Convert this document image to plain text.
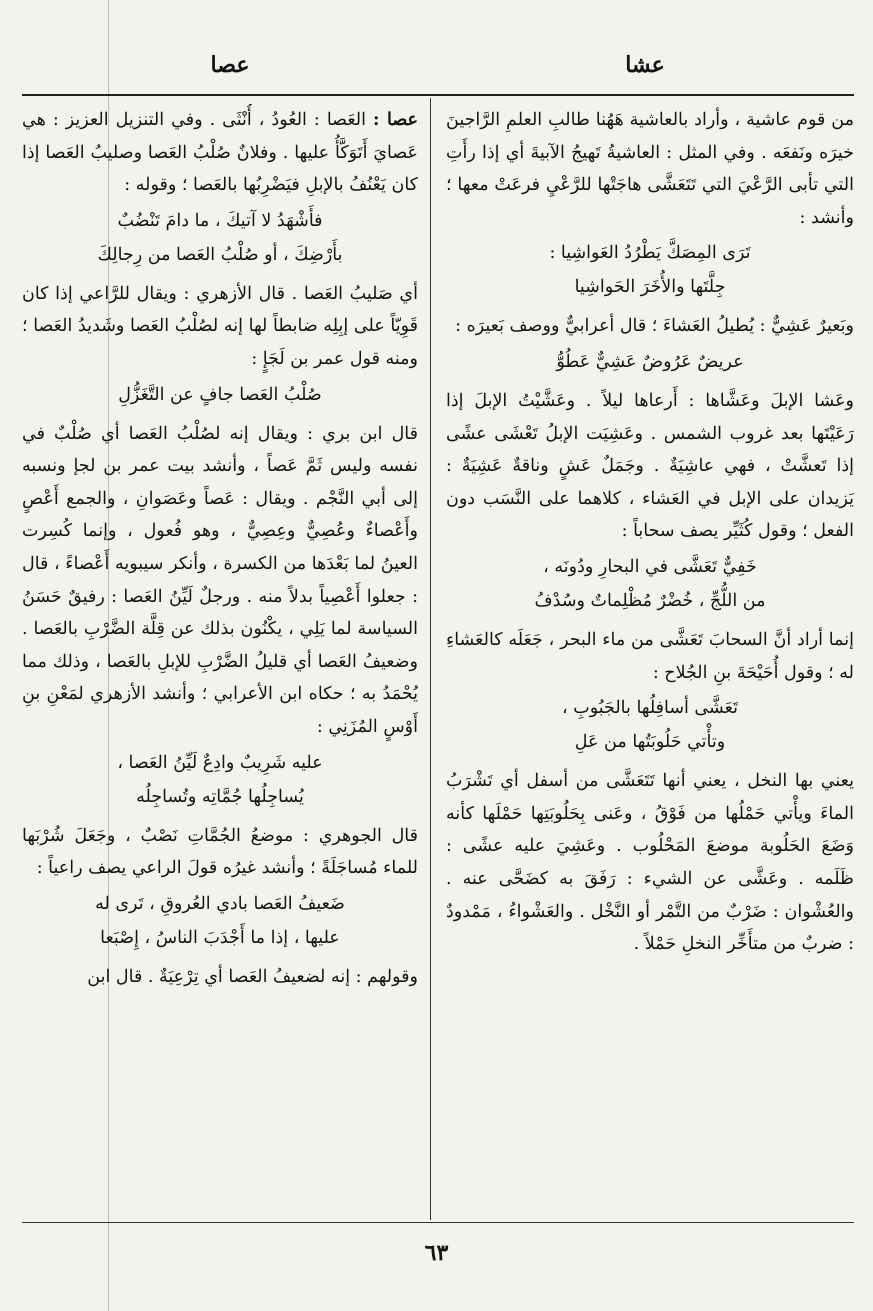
عشا
عصا

من قوم عاشية ، وأراد بالعاشية هَهُنا طالبِ العلمِ الرَّاجينَ خيرَه ونَفعَه . وفي المثل : العاشيةُ تَهيجُ الآبيةَ أي إذا رأَتِ التي تأبى الرَّعْيَ التي تَتَعَشَّى هاجَتْها للرَّعْيِ فرعَتْ معها ؛ وأنشد :

تَرَى المِصَكَّ يَطْرُدُ العَواشِيا :
جِلَّتَها والأُخَرَ الحَواشِيا

وبَعيرٌ عَشِيٌّ : يُطيلُ العَشاءَ ؛ قال أعرابيٌّ ووصف بَعيرَه :

عريضٌ عَرُوضٌ عَشِيٌّ عَطُوُّ

وعَشا الإبلَ وعَشَّاها : أَرعاها ليلاً . وعَشَّيْتُ الإبلَ إذا رَعَيْتَها بعد غروب الشمس . وعَشِيَت الإبلُ تَعْشَى عشًى إذا تَعشَّتْ ، فهي عاشِيَةٌ . وجَمَلٌ عَشٍ وناقةٌ عَشِيَةٌ : يَزيدان على الإبل في العَشاء ، كلاهما على النَّسَب دون الفعل ؛ وقول كُثَيِّر يصف سحاباً :

خَفِيٌّ تَعَشَّى في البحارِ ودُونَه ،
من اللُّجِّ ، خُضْرٌ مُظْلِماتٌ وسُدْفُ

إنما أراد أنَّ السحابَ تَعَشَّى من ماء البحر ، جَعَلَه كالعَشاءِ له ؛ وقول أُحَيْحَةَ بنِ الجُلاح :

تَعَشَّى أسافِلُها بالجَبُوبِ ،
وتأْتي حَلُوبَتُها من عَلِ

يعني بها النخل ، يعني أنها تَتَعَشَّى من أسفل أي تَشْرَبُ الماءَ ويأْتي حَمْلُها من فَوْقُ ، وعَنى بِحَلُوبَتِها حَمْلَها كأنه وَضَعَ الحَلُوبة موضعَ المَحْلُوب . وعَشِيَ عليه عشًى : ظَلَمه . وعَشَّى عن الشيء : رَفَقَ به كضَحَّى عنه . والعُشْوان : ضَرْبٌ من التَّمْر أو النَّخْل . والعَشْواءُ ، مَمْدودٌ : ضربٌ من متأَخِّر النخلِ حَمْلاً .

عصا : العَصا : العُودُ ، أُنْثَى . وفي التنزيل العزيز : هي عَصايَ أَتَوَكَّأُ عليها . وفلانٌ صُلْبُ العَصا وصليبُ العَصا إذا كان يَعْنُفُ بالإبلِ فيَضْرِبُها بالعَصا ؛ وقوله :

فأَشْهَدُ لا آتيكَ ، ما دامَ تَنْضُبٌ
بأَرْضِكَ ، أو صُلْبُ العَصا من رِجالِكَ

أي صَليبُ العَصا . قال الأزهري : ويقال للرَّاعي إذا كان قَوِيّاً على إبِلِه ضابطاً لها إنه لصُلْبُ العَصا وشَديدُ العَصا ؛ ومنه قول عمر بن لَجَإٍ :

صُلْبُ العَصا جافٍ عن التَّغَزُّلِ

قال ابن بري : ويقال إنه لصُلْبُ العَصا أي صُلْبٌ في نفسه وليس ثَمَّ عَصاً ، وأنشد بيت عمر بن لجإ ونسبه إلى أبي النَّجْم . ويقال : عَصاً وعَصَوانِ ، والجمع أَعْصٍ وأَعْصاءٌ وعُصِيٌّ وعِصِيٌّ ، وهو فُعول ، وإنما كُسِرت العينُ لما بَعْدَها من الكسرة ، وأنكر سيبويه أَعْصاءً ، قال : جعلوا أَعْصِياً بدلاً منه . ورجلٌ لَيِّنُ العَصا : رفيقٌ حَسَنُ السياسة لما يَلِي ، يكْنُون بذلك عن قِلَّة الضَّرْبِ بالعَصا . وضعيفُ العَصا أي قليلُ الضَّرْبِ للإبلِ بالعَصا ، وذلك مما يُحْمَدُ به ؛ حكاه ابن الأعرابي ؛ وأنشد الأزهري لمَعْنِ بنِ أَوْسٍ المُزَنِي :

عليه شَرِيبٌ وادِعٌ لَيِّنُ العَصا ،
يُساجِلُها جُمَّاتِه وتُساجِلُه

قال الجوهري : موضعُ الجُمَّاتِ نَصْبٌ ، وجَعَلَ شُرْبَها للماء مُساجَلَةً ؛ وأنشد غيرُه قولَ الراعي يصف راعياً :

ضَعيفُ العَصا بادي العُروقِ ، تَرى له
عليها ، إذا ما أَجْدَبَ الناسُ ، إِصْبَعا

وقولهم : إنه لضعيفُ العَصا أي تِرْعِيَةٌ . قال ابن

٦٣
